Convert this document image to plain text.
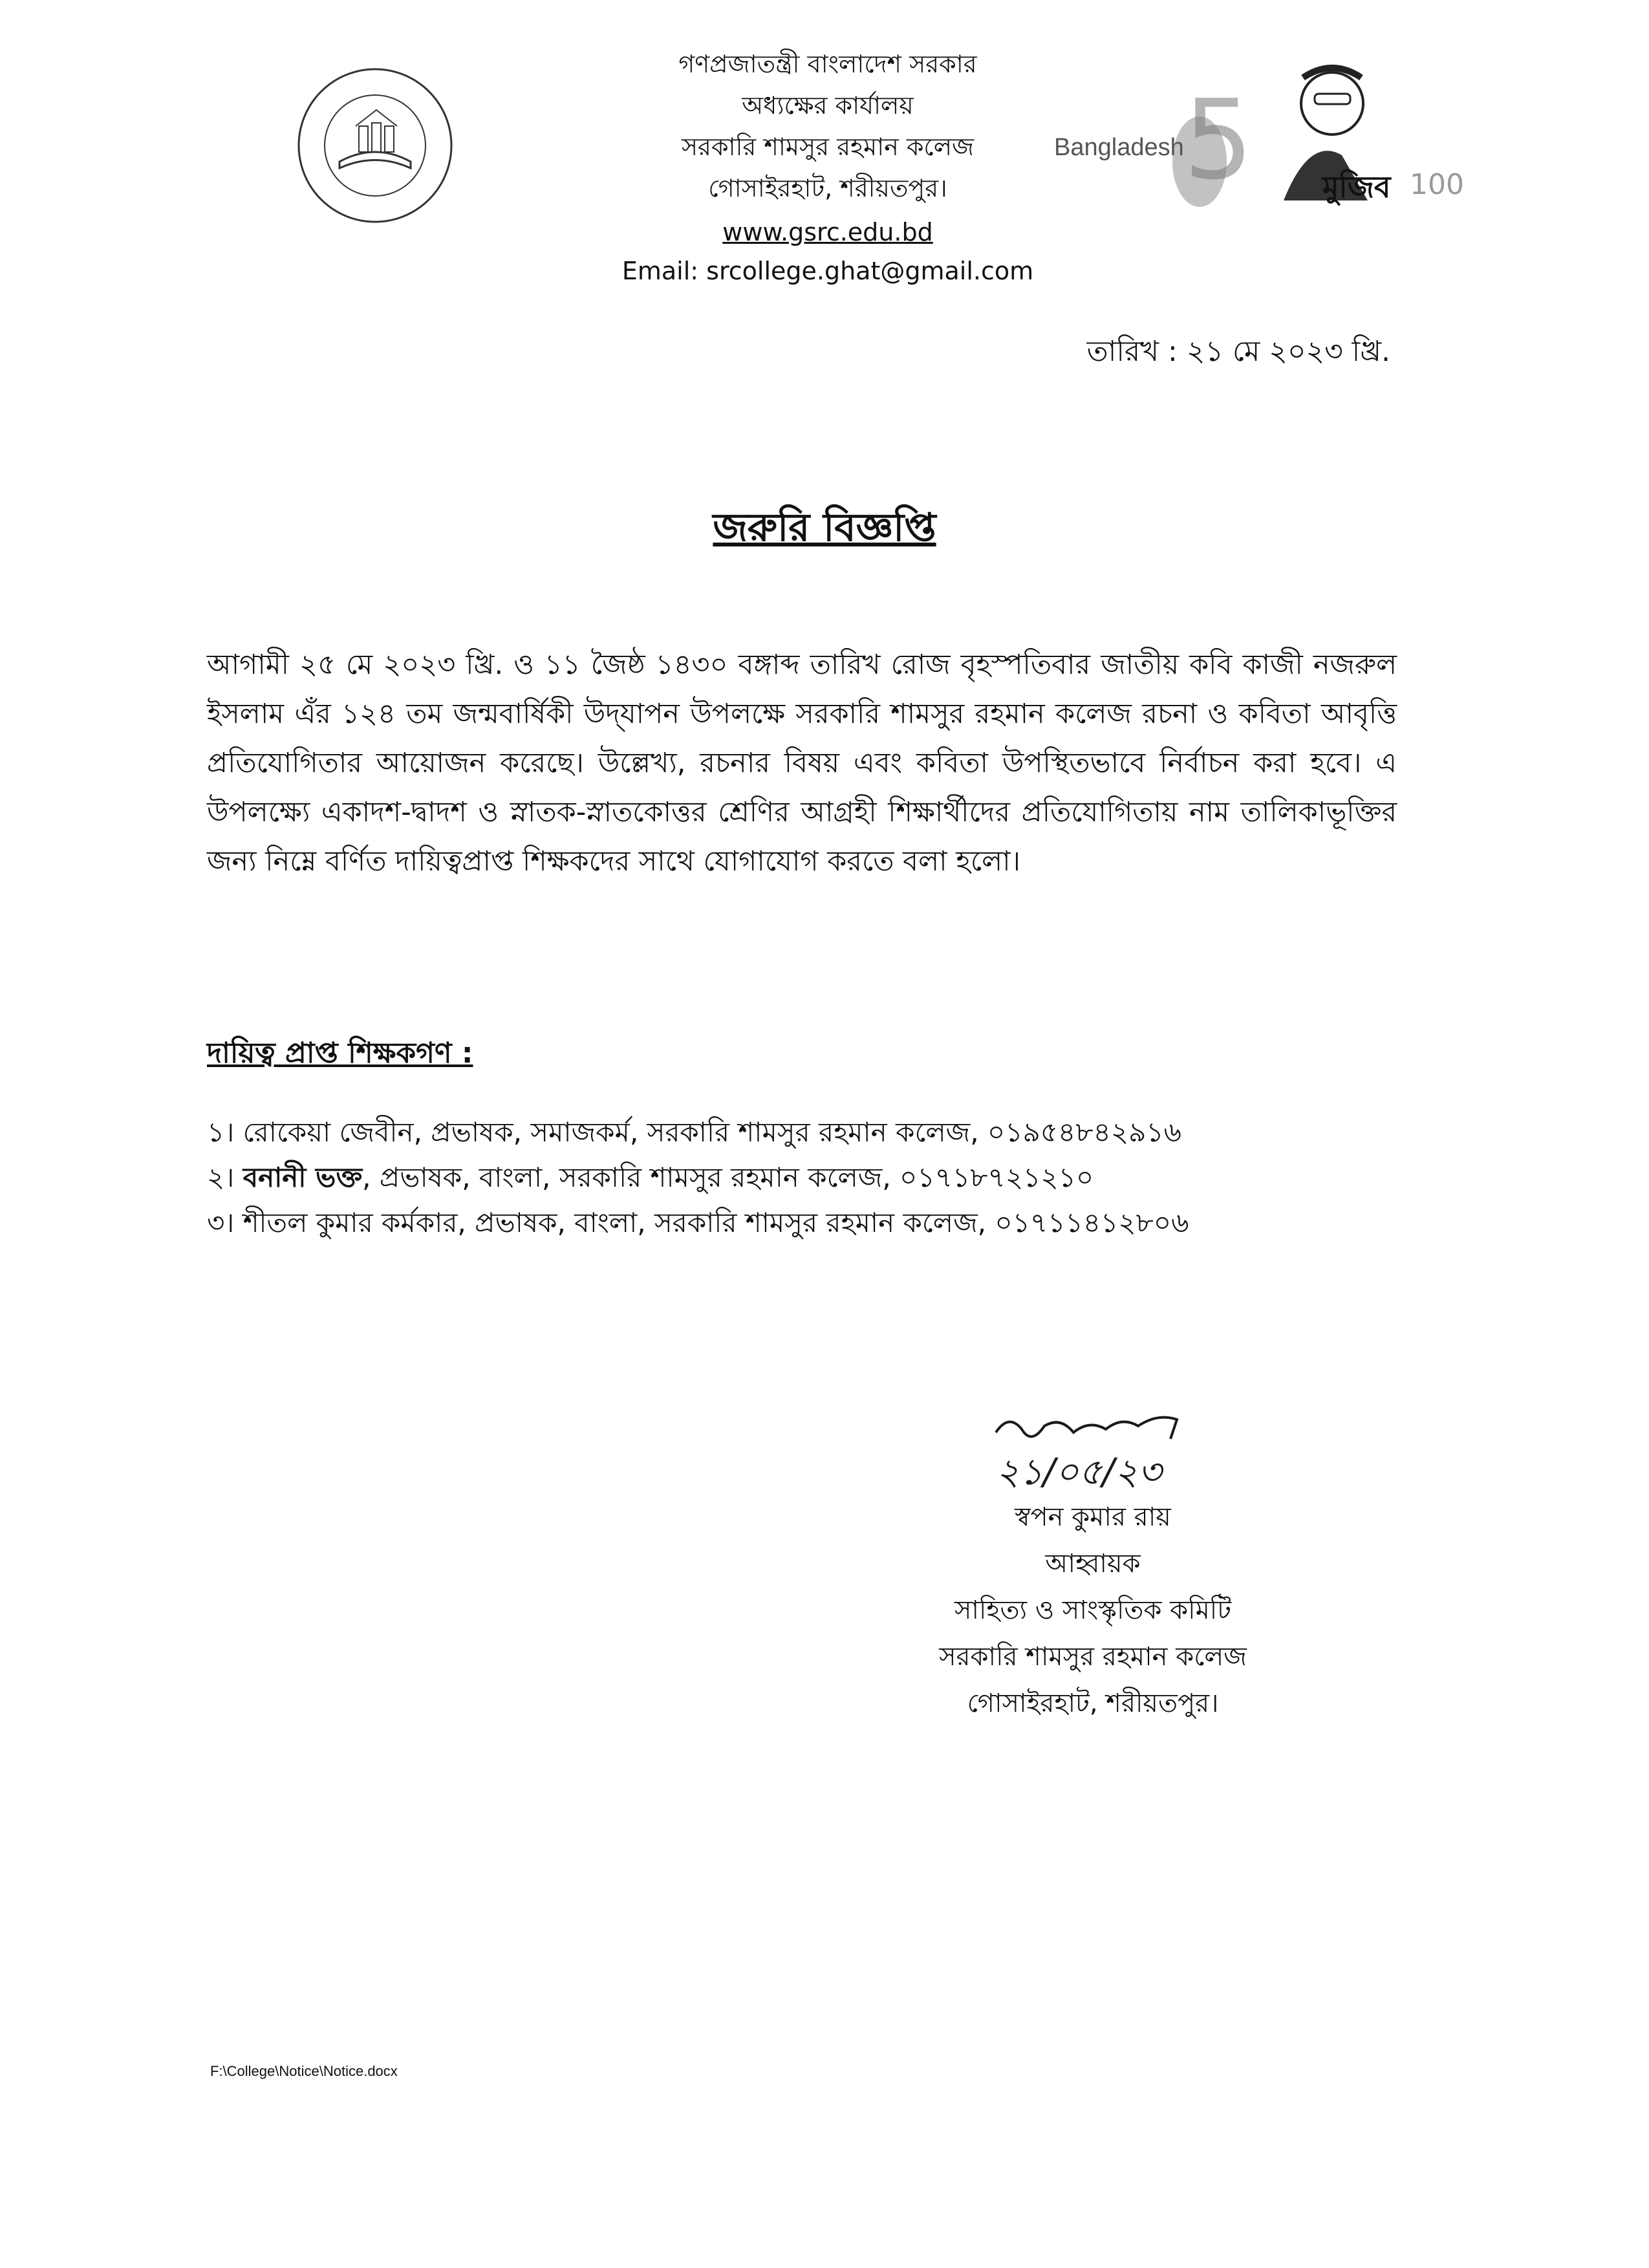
গণপ্রজাতন্ত্রী বাংলাদেশ সরকার
অধ্যক্ষের কার্যালয়
সরকারি শামসুর রহমান কলেজ
গোসাইরহাট, শরীয়তপুর।
www.gsrc.edu.bd
Email: srcollege.ghat@gmail.com
5
Bangladesh
মুজিব 100
তারিখ : ২১ মে ২০২৩ খ্রি.
জরুরি বিজ্ঞপ্তি
আগামী ২৫ মে ২০২৩ খ্রি. ও ১১ জৈষ্ঠ ১৪৩০ বঙ্গাব্দ তারিখ রোজ বৃহস্পতিবার জাতীয় কবি কাজী নজরুল ইসলাম এঁর ১২৪ তম জন্মবার্ষিকী উদ্‌যাপন উপলক্ষে সরকারি শামসুর রহমান কলেজ রচনা ও কবিতা আবৃত্তি প্রতিযোগিতার আয়োজন করেছে। উল্লেখ্য, রচনার বিষয় এবং কবিতা উপস্থিতভাবে নির্বাচন করা হবে। এ উপলক্ষ্যে একাদশ-দ্বাদশ ও স্নাতক-স্নাতকোত্তর শ্রেণির আগ্রহী শিক্ষার্থীদের প্রতিযোগিতায় নাম তালিকাভূক্তির জন্য নিম্নে বর্ণিত দায়িত্বপ্রাপ্ত শিক্ষকদের সাথে যোগাযোগ করতে বলা হলো।
দায়িত্ব প্রাপ্ত শিক্ষকগণ :
১। রোকেয়া জেবীন, প্রভাষক, সমাজকর্ম, সরকারি শামসুর রহমান কলেজ, ০১৯৫৪৮৪২৯১৬
২। বনানী ভক্ত, প্রভাষক, বাংলা, সরকারি শামসুর রহমান কলেজ, ০১৭১৮৭২১২১০
৩। শীতল কুমার কর্মকার, প্রভাষক, বাংলা, সরকারি শামসুর রহমান কলেজ, ০১৭১১৪১২৮০৬
২১/০৫/২৩
স্বপন কুমার রায়
আহ্বায়ক
সাহিত্য ও সাংস্কৃতিক কমিটি
সরকারি শামসুর রহমান কলেজ
গোসাইরহাট, শরীয়তপুর।
F:\College\Notice\Notice.docx
